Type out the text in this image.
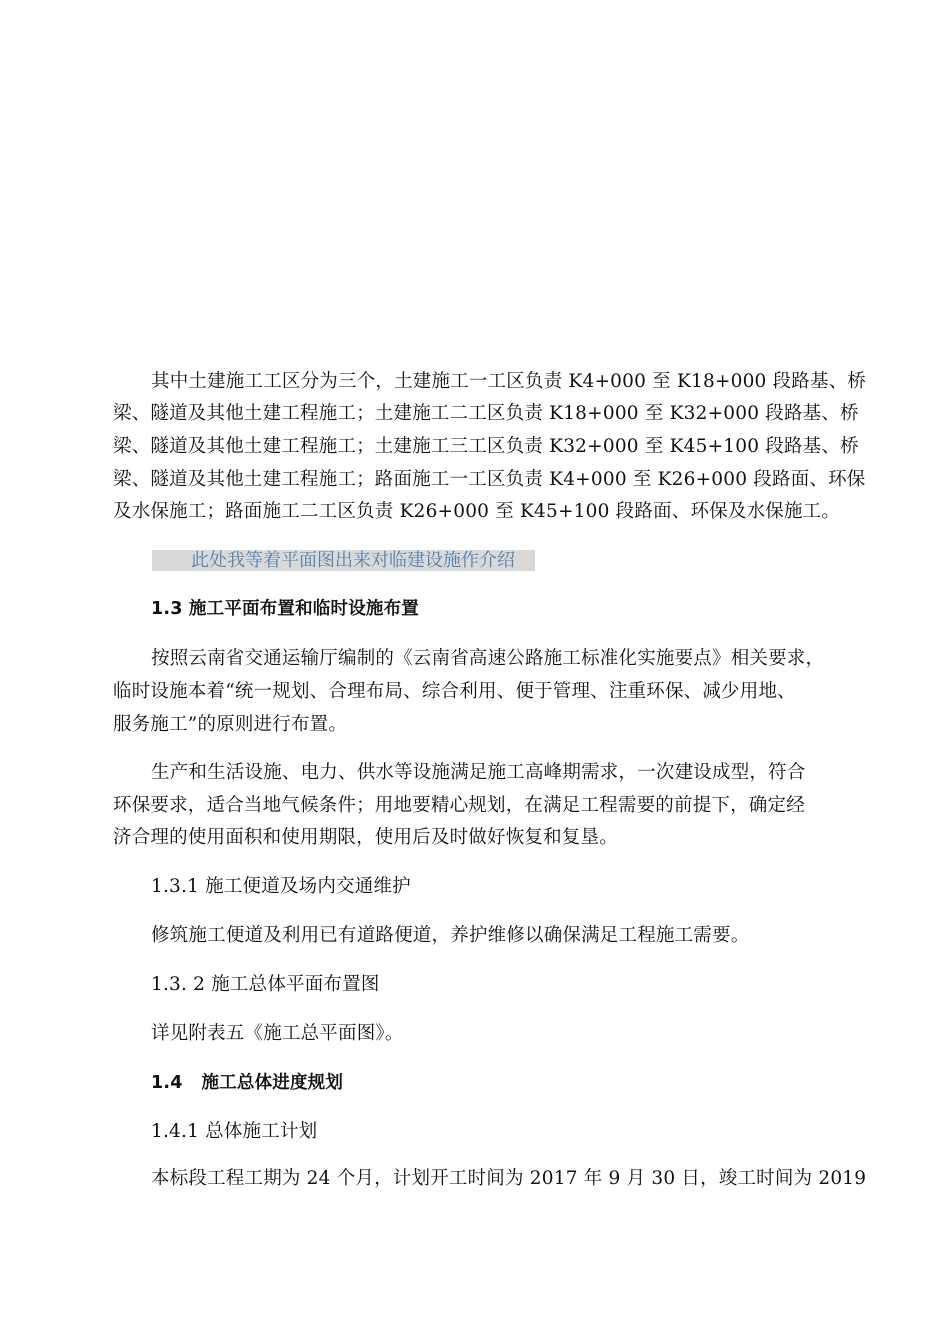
其中土建施工工区分为三个，土建施工一工区负责 K4+000 至 K18+000 段路基、桥
梁、隧道及其他土建工程施工；土建施工二工区负责 K18+000 至 K32+000 段路基、桥
梁、隧道及其他土建工程施工；土建施工三工区负责 K32+000 至 K45+100 段路基、桥
梁、隧道及其他土建工程施工；路面施工一工区负责 K4+000 至 K26+000 段路面、环保
及水保施工；路面施工二工区负责 K26+000 至 K45+100 段路面、环保及水保施工。
此处我等着平面图出来对临建设施作介绍
1.3 施工平面布置和临时设施布置
按照云南省交通运输厅编制的《云南省高速公路施工标准化实施要点》相关要求，
临时设施本着“统一规划、合理布局、综合利用、便于管理、注重环保、减少用地、
服务施工”的原则进行布置。
生产和生活设施、电力、供水等设施满足施工高峰期需求，一次建设成型，符合
环保要求，适合当地气候条件；用地要精心规划，在满足工程需要的前提下，确定经
济合理的使用面积和使用期限，使用后及时做好恢复和复垦。
1.3.1 施工便道及场内交通维护
修筑施工便道及利用已有道路便道，养护维修以确保满足工程施工需要。
1.3. 2 施工总体平面布置图
详见附表五《施工总平面图》。
1.4   施工总体进度规划
1.4.1 总体施工计划
本标段工程工期为 24 个月，计划开工时间为 2017 年 9 月 30 日，竣工时间为 2019
